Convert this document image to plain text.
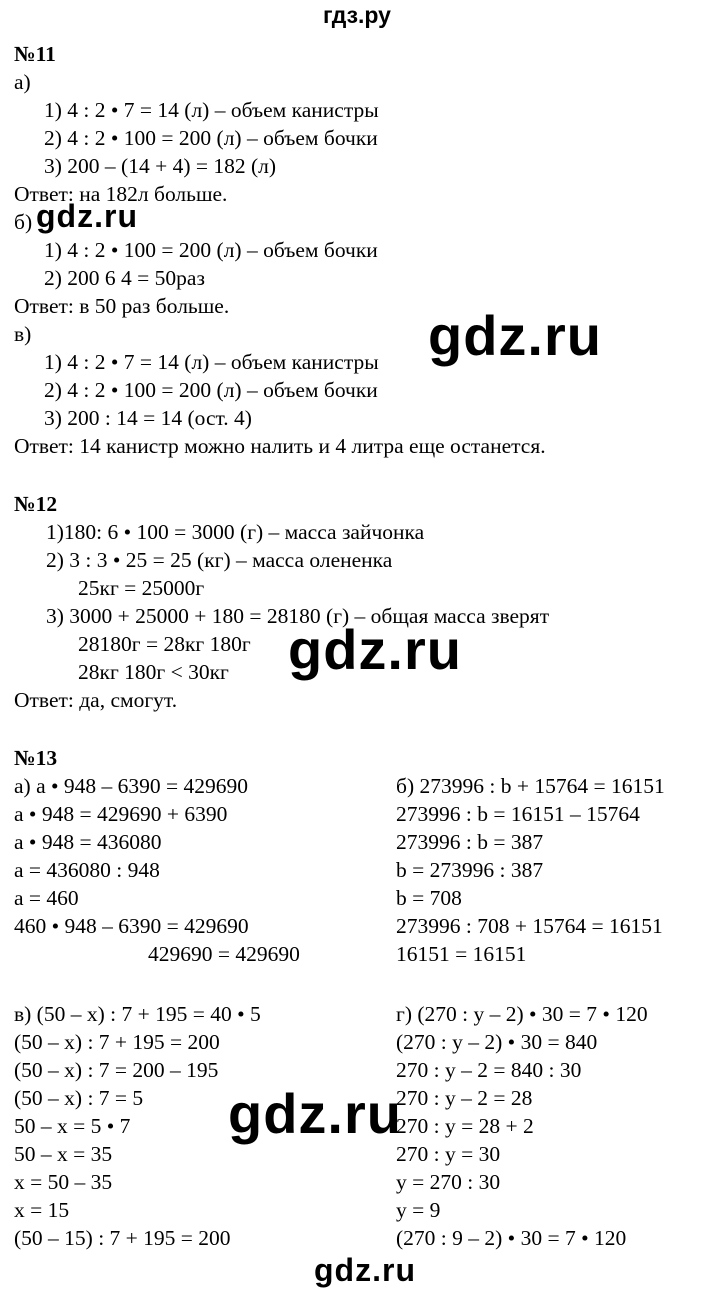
гдз.ру
№11
а)
1) 4 : 2 • 7 = 14 (л) – объем канистры
2) 4 : 2 • 100 = 200 (л) – объем бочки
3) 200 – (14 + 4) = 182 (л)
Ответ: на 182л больше.
б)
1) 4 : 2 • 100 = 200 (л) – объем бочки
2) 200 6 4 = 50раз
Ответ: в 50 раз больше.
в)
1) 4 : 2 • 7 = 14 (л) – объем канистры
2) 4 : 2 • 100 = 200 (л) – объем бочки
3) 200 : 14 = 14 (ост. 4)
Ответ: 14 канистр можно налить и 4 литра еще останется.
№12
1)180: 6 • 100 = 3000 (г) – масса зайчонка
2) 3 : 3 • 25 = 25 (кг) – масса олененка
25кг = 25000г
3) 3000 + 25000 + 180 = 28180 (г) – общая масса зверят
28180г = 28кг 180г
28кг 180г < 30кг
Ответ: да, смогут.
№13
а) a • 948 – 6390 = 429690
a • 948 = 429690 + 6390
a • 948 = 436080
a = 436080 : 948
a = 460
460 • 948 – 6390 = 429690
429690 = 429690
б) 273996 : b + 15764 = 16151
273996 : b = 16151 – 15764
273996 : b = 387
b = 273996 : 387
b = 708
273996 : 708 + 15764 = 16151
16151 = 16151
в) (50 – x) : 7 + 195 = 40 • 5
(50 – x) : 7 + 195 = 200
(50 – x) : 7 = 200 – 195
(50 – x) : 7 = 5
50 – x = 5 • 7
50 – x = 35
x = 50 – 35
x = 15
(50 – 15) : 7 + 195 = 200
г) (270 : y – 2) • 30 = 7 • 120
(270 : y – 2) • 30 = 840
270 : y – 2 = 840 : 30
270 : y – 2 = 28
270 : y = 28 + 2
270 : y = 30
y = 270 : 30
y = 9
(270 : 9 – 2) • 30 = 7 • 120
gdz.ru
gdz.ru
gdz.ru
gdz.ru
gdz.ru
